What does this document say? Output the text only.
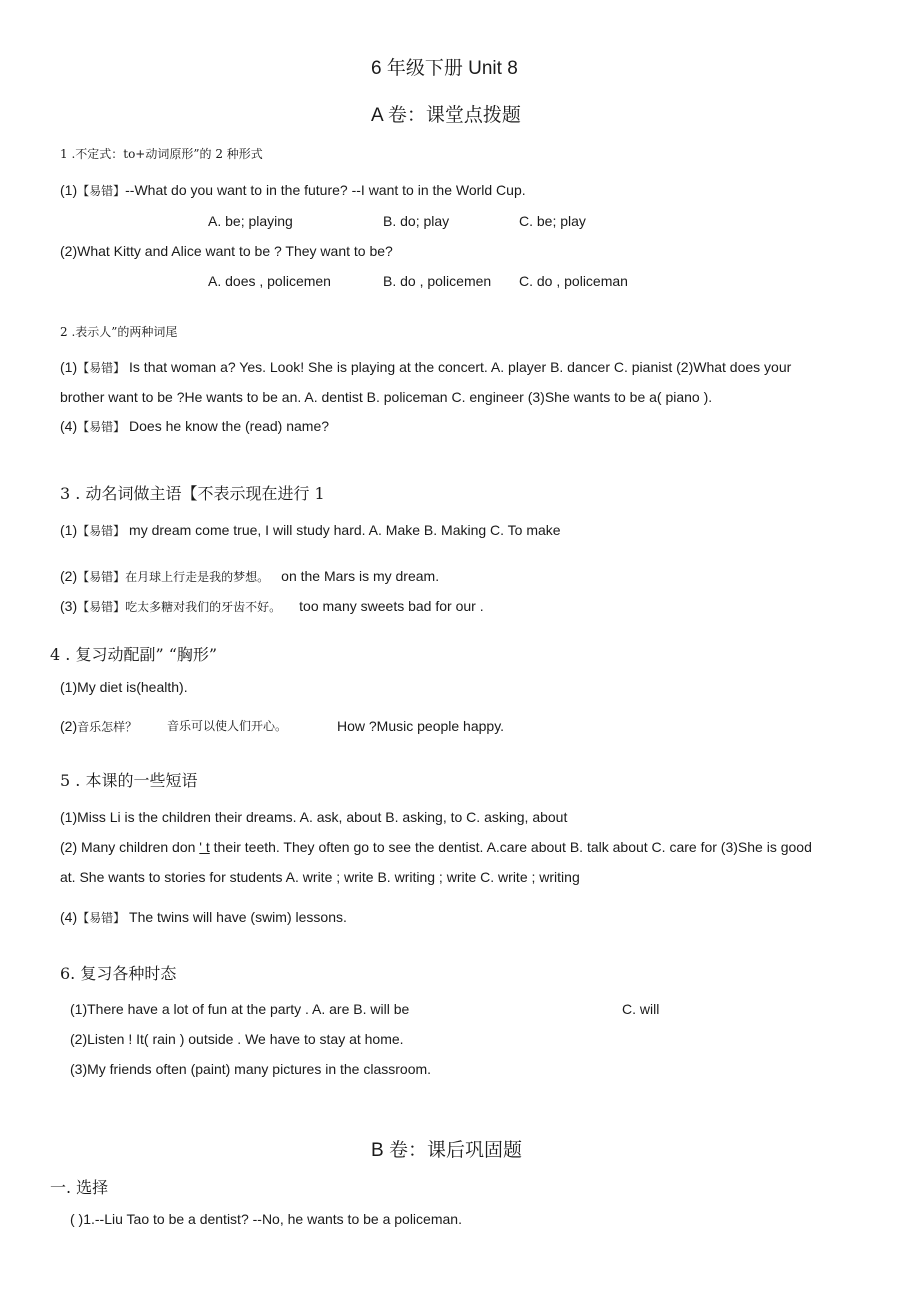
6 年级下册 Unit 8
A 卷：课堂点拨题
1 .不定式：to+动词原形”的 2 种形式
(1)【易错】--What do you want to in the future? --I want to in the World Cup.
A. be; playing	B. do; play	C. be; play
(2)What Kitty and Alice want to be ? They want to be?
A. does , policemen	B. do , policemen C. do , policeman
2 .表示人”的两种词尾
(1)【易错】 Is that woman a? Yes. Look! She is playing at the concert. A. player B. dancer C. pianist (2)What does your
brother want to be ?He wants to be an. A. dentist B. policeman C. engineer (3)She wants to be a( piano ).
(4)【易错】 Does he know the (read) name?
3 . 动名词做主语【不表示现在进行 1
(1)【易错】 my dream come true, I will study hard. A. Make B. Making C. To make
(2)【易错】在月球上行走是我的梦想。 on the Mars is my dream.
(3)【易错】吃太多糖对我们的牙齿不好。 too many sweets bad for our .
4 . 复习动配副” “胸形”
(1)My diet is(health).
(2)音乐怎样？ 音乐可以使人们开心。	How ?Music people happy.
5 . 本课的一些短语
(1)Miss Li is the children their dreams. A. ask, about B. asking, to C. asking, about
(2) Many children don ' t their teeth. They often go to see the dentist. A.care about B. talk about C. care for (3)She is good
at. She wants to stories for students A. write ; write B. writing ; write C. write ; writing
(4)【易错】 The twins will have (swim) lessons.
6. 复习各种时态
(1)There have a lot of fun at the party . A. are B. will be	C. will
(2)Listen ! It( rain ) outside . We have to stay at home.
(3)My friends often (paint) many pictures in the classroom.
B 卷：课后巩固题
一. 选择
( )1.--Liu Tao to be a dentist? --No, he wants to be a policeman.
